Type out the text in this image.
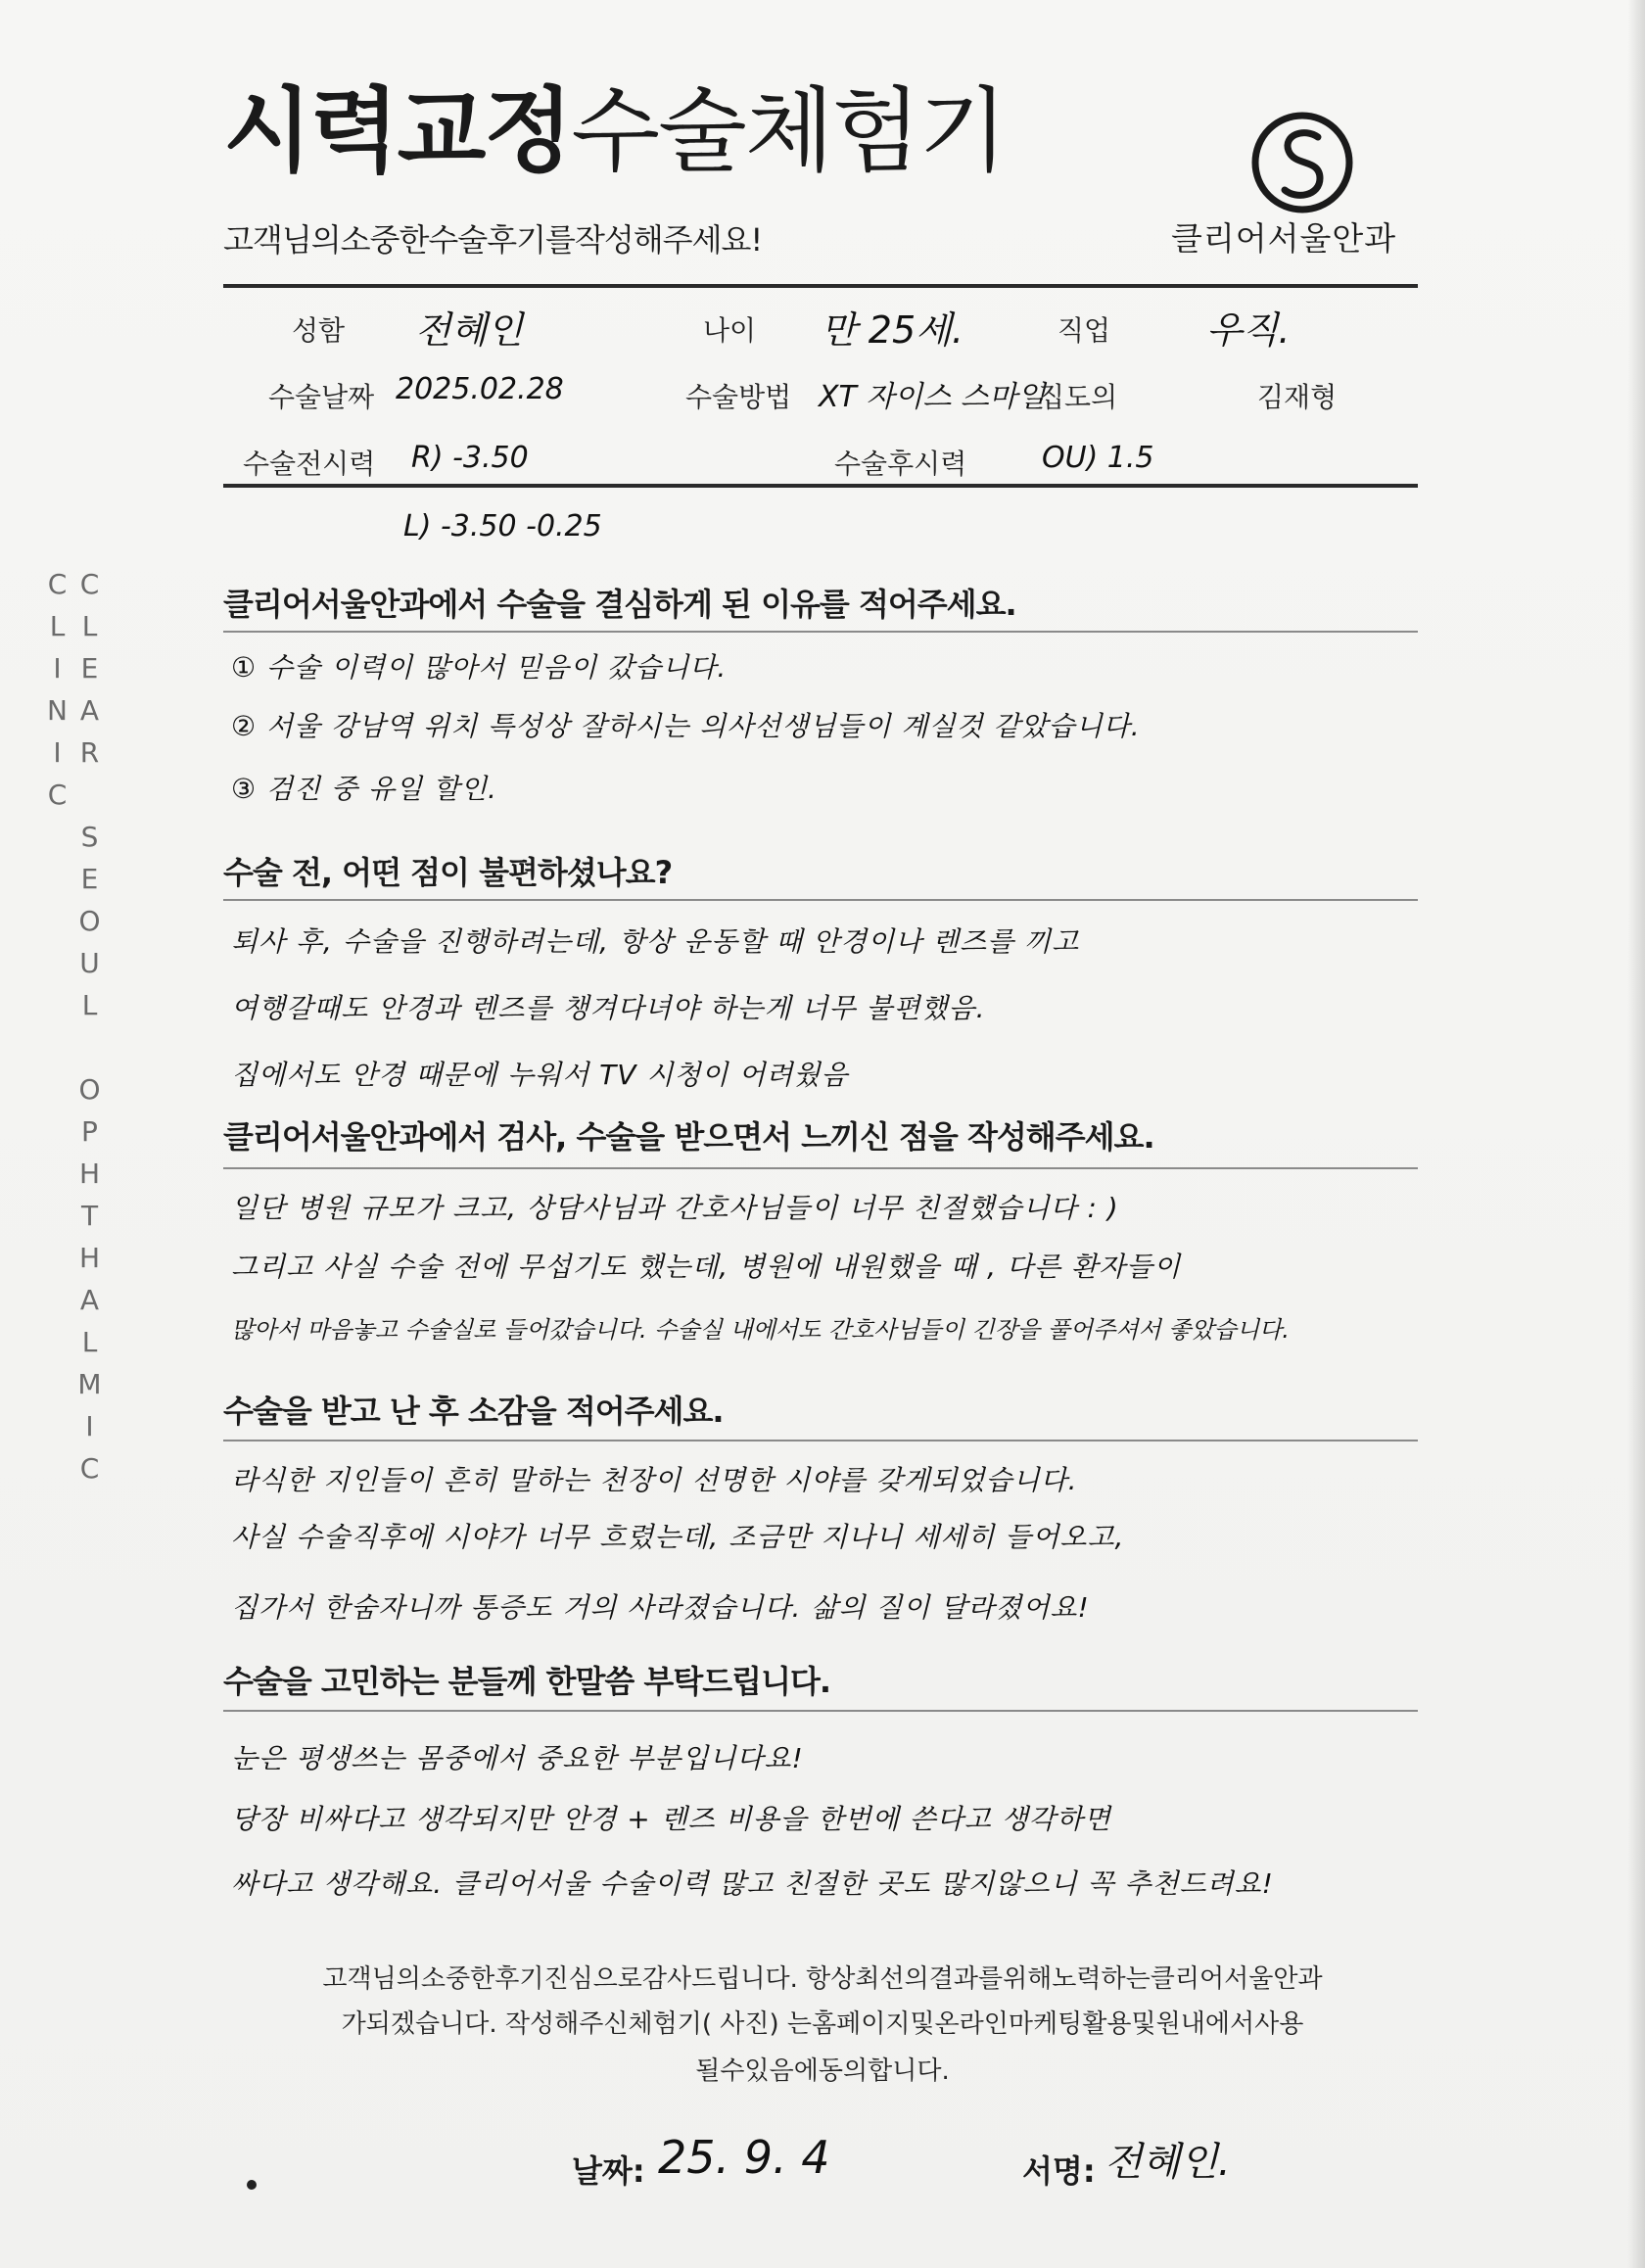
시력교정수술체험기
고객님의소중한수술후기를작성해주세요!	클리어서울안과
CLEAR SEOUL OPHTHALMIC CLINIC
성함 전혜인	나이 만 25세.	직업	우직.
수술날짜 2025.02.28	수술방법 XT 자이스 스마일
집도의	김재형
수술전시력 R) -3.50	수술후시력	OU) 1.5
L) -3.50 -0.25
클리어서울안과에서 수술을 결심하게 된 이유를 적어주세요.
① 수술 이력이 많아서 믿음이 갔습니다.
② 서울 강남역 위치 특성상 잘하시는 의사선생님들이 계실것 같았습니다.
③ 검진 중 유일 할인.
수술 전, 어떤 점이 불편하셨나요?
퇴사 후, 수술을 진행하려는데, 항상 운동할 때 안경이나 렌즈를 끼고
여행갈때도 안경과 렌즈를 챙겨다녀야 하는게 너무 불편했음.
집에서도 안경 때문에 누워서 TV 시청이 어려웠음
클리어서울안과에서 검사, 수술을 받으면서 느끼신 점을 작성해주세요.
일단 병원 규모가 크고, 상담사님과 간호사님들이 너무 친절했습니다 : )
그리고 사실 수술 전에 무섭기도 했는데, 병원에 내원했을 때 , 다른 환자들이
많아서 마음놓고 수술실로 들어갔습니다. 수술실 내에서도 간호사님들이 긴장을 풀어주셔서 좋았습니다.
수술을 받고 난 후 소감을 적어주세요.
라식한 지인들이 흔히 말하는 천장이 선명한 시야를 갖게되었습니다.
사실 수술직후에 시야가 너무 흐렸는데, 조금만 지나니 세세히 들어오고,
집가서 한숨자니까 통증도 거의 사라졌습니다. 삶의 질이 달라졌어요!
수술을 고민하는 분들께 한말씀 부탁드립니다.
눈은 평생쓰는 몸중에서 중요한 부분입니다요!
당장 비싸다고 생각되지만 안경 + 렌즈 비용을 한번에 쓴다고 생각하면
싸다고 생각해요. 클리어서울 수술이력 많고 친절한 곳도 많지않으니 꼭 추천드려요!
고객님의소중한후기진심으로감사드립니다. 항상최선의결과를위해노력하는클리어서울안과
가되겠습니다. 작성해주신체험기( 사진) 는홈페이지및온라인마케팅활용및원내에서사용
될수있음에동의합니다.
날짜: 25. 9. 4	서명: 전혜인.
